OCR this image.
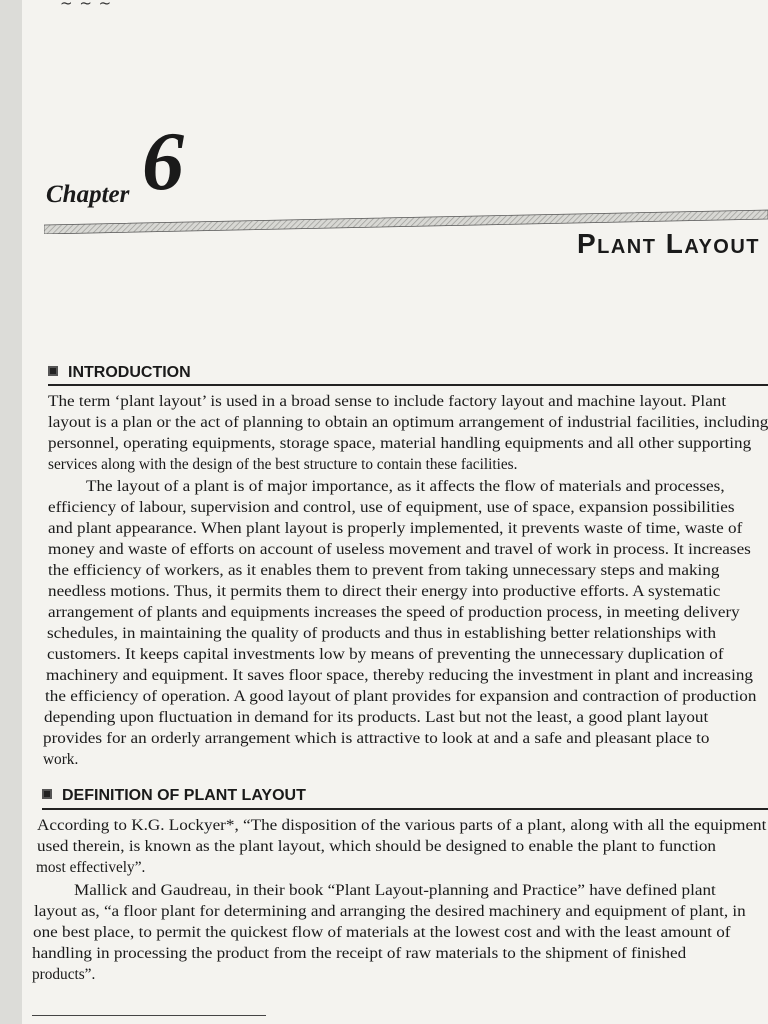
~ ~ ~
Chapter 6
Plant Layout
INTRODUCTION
The term ‘plant layout’ is used in a broad sense to include factory layout and machine layout. Plant
layout is a plan or the act of planning to obtain an optimum arrangement of industrial facilities, including
personnel, operating equipments, storage space, material handling equipments and all other supporting
services along with the design of the best structure to contain these facilities.
The layout of a plant is of major importance, as it affects the flow of materials and processes,
efficiency of labour, supervision and control, use of equipment, use of space, expansion possibilities
and plant appearance. When plant layout is properly implemented, it prevents waste of time, waste of
money and waste of efforts on account of useless movement and travel of work in process. It increases
the efficiency of workers, as it enables them to prevent from taking unnecessary steps and making
needless motions. Thus, it permits them to direct their energy into productive efforts. A systematic
arrangement of plants and equipments increases the speed of production process, in meeting delivery
schedules, in maintaining the quality of products and thus in establishing better relationships with
customers. It keeps capital investments low by means of preventing the unnecessary duplication of
machinery and equipment. It saves floor space, thereby reducing the investment in plant and increasing
the efficiency of operation. A good layout of plant provides for expansion and contraction of production
depending upon fluctuation in demand for its products. Last but not the least, a good plant layout
provides for an orderly arrangement which is attractive to look at and a safe and pleasant place to
work.
DEFINITION OF PLANT LAYOUT
According to K.G. Lockyer*, “The disposition of the various parts of a plant, along with all the equipment
used therein, is known as the plant layout, which should be designed to enable the plant to function
most effectively”.
Mallick and Gaudreau, in their book “Plant Layout-planning and Practice” have defined plant
layout as, “a floor plant for determining and arranging the desired machinery and equipment of plant, in
one best place, to permit the quickest flow of materials at the lowest cost and with the least amount of
handling in processing the product from the receipt of raw materials to the shipment of finished
products”.
